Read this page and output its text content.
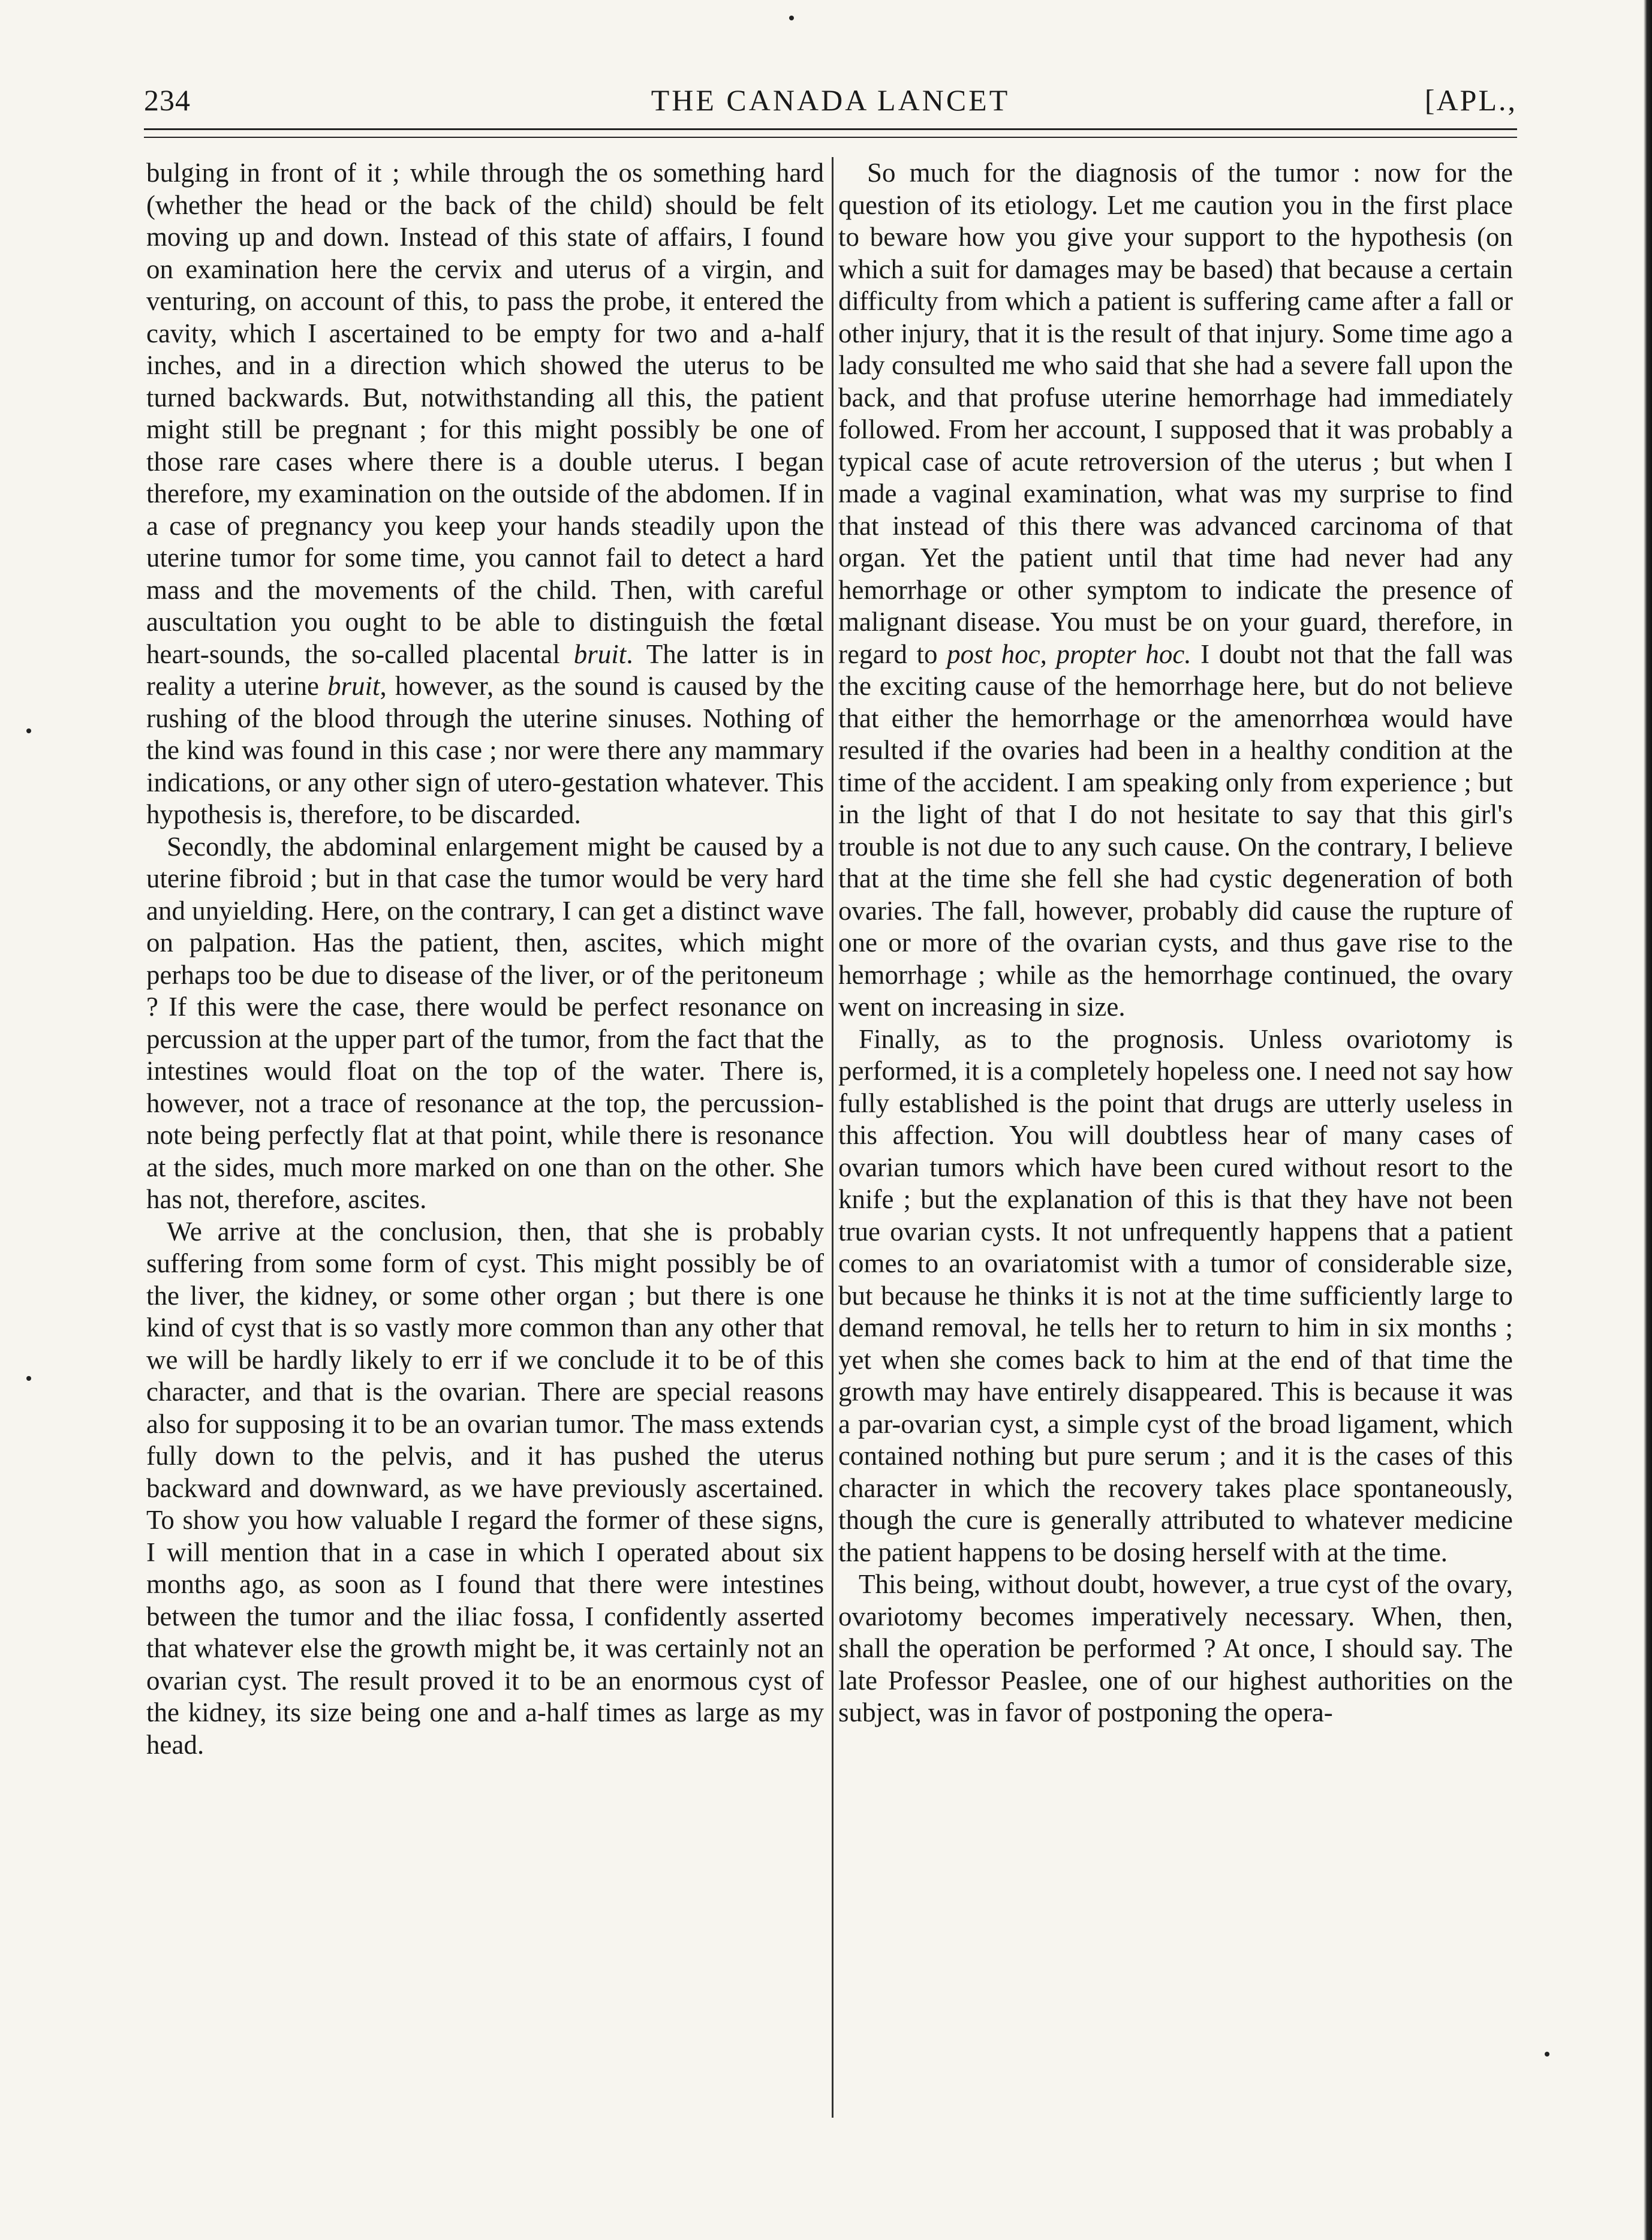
234	THE CANADA LANCET	[APL.,

bulging in front of it ; while through the os something hard (whether the head or the back of the child) should be felt moving up and down. Instead of this state of affairs, I found on examination here the cervix and uterus of a virgin, and venturing, on account of this, to pass the probe, it entered the cavity, which I ascertained to be empty for two and a-half inches, and in a direction which showed the uterus to be turned backwards. But, notwithstanding all this, the patient might still be pregnant ; for this might possibly be one of those rare cases where there is a double uterus. I began therefore, my examination on the outside of the abdomen. If in a case of pregnancy you keep your hands steadily upon the uterine tumor for some time, you cannot fail to detect a hard mass and the movements of the child. Then, with careful auscultation you ought to be able to distinguish the fœtal heart-sounds, the so-called placental bruit. The latter is in reality a uterine bruit, however, as the sound is caused by the rushing of the blood through the uterine sinuses. Nothing of the kind was found in this case ; nor were there any mammary indications, or any other sign of utero-gestation whatever. This hypothesis is, therefore, to be discarded.

Secondly, the abdominal enlargement might be caused by a uterine fibroid ; but in that case the tumor would be very hard and unyielding. Here, on the contrary, I can get a distinct wave on palpation. Has the patient, then, ascites, which might perhaps too be due to disease of the liver, or of the peritoneum ? If this were the case, there would be perfect resonance on percussion at the upper part of the tumor, from the fact that the intestines would float on the top of the water. There is, however, not a trace of resonance at the top, the percussion-note being perfectly flat at that point, while there is resonance at the sides, much more marked on one than on the other. She has not, therefore, ascites.

We arrive at the conclusion, then, that she is probably suffering from some form of cyst. This might possibly be of the liver, the kidney, or some other organ ; but there is one kind of cyst that is so vastly more common than any other that we will be hardly likely to err if we conclude it to be of this character, and that is the ovarian. There are special reasons also for supposing it to be an ovarian tumor. The mass extends fully down to the pelvis, and it has pushed the uterus backward and downward, as we have previously ascertained. To show you how valuable I regard the former of these signs, I will mention that in a case in which I operated about six months ago, as soon as I found that there were intestines between the tumor and the iliac fossa, I confidently asserted that whatever else the growth might be, it was certainly not an ovarian cyst. The result proved it to be an enormous cyst of the kidney, its size being one and a-half times as large as my head.

So much for the diagnosis of the tumor : now for the question of its etiology. Let me caution you in the first place to beware how you give your support to the hypothesis (on which a suit for damages may be based) that because a certain difficulty from which a patient is suffering came after a fall or other injury, that it is the result of that injury. Some time ago a lady consulted me who said that she had a severe fall upon the back, and that profuse uterine hemorrhage had immediately followed. From her account, I supposed that it was probably a typical case of acute retroversion of the uterus ; but when I made a vaginal examination, what was my surprise to find that instead of this there was advanced carcinoma of that organ. Yet the patient until that time had never had any hemorrhage or other symptom to indicate the presence of malignant disease. You must be on your guard, therefore, in regard to post hoc, propter hoc. I doubt not that the fall was the exciting cause of the hemorrhage here, but do not believe that either the hemorrhage or the amenorrhœa would have resulted if the ovaries had been in a healthy condition at the time of the accident. I am speaking only from experience ; but in the light of that I do not hesitate to say that this girl's trouble is not due to any such cause. On the contrary, I believe that at the time she fell she had cystic degeneration of both ovaries. The fall, however, probably did cause the rupture of one or more of the ovarian cysts, and thus gave rise to the hemorrhage ; while as the hemorrhage continued, the ovary went on increasing in size.

Finally, as to the prognosis. Unless ovariotomy is performed, it is a completely hopeless one. I need not say how fully established is the point that drugs are utterly useless in this affection. You will doubtless hear of many cases of ovarian tumors which have been cured without resort to the knife ; but the explanation of this is that they have not been true ovarian cysts. It not unfrequently happens that a patient comes to an ovariatomist with a tumor of considerable size, but because he thinks it is not at the time sufficiently large to demand removal, he tells her to return to him in six months ; yet when she comes back to him at the end of that time the growth may have entirely disappeared. This is because it was a par-ovarian cyst, a simple cyst of the broad ligament, which contained nothing but pure serum ; and it is the cases of this character in which the recovery takes place spontaneously, though the cure is generally attributed to whatever medicine the patient happens to be dosing herself with at the time.

This being, without doubt, however, a true cyst of the ovary, ovariotomy becomes imperatively necessary. When, then, shall the operation be performed ? At once, I should say. The late Professor Peaslee, one of our highest authorities on the subject, was in favor of postponing the opera-
